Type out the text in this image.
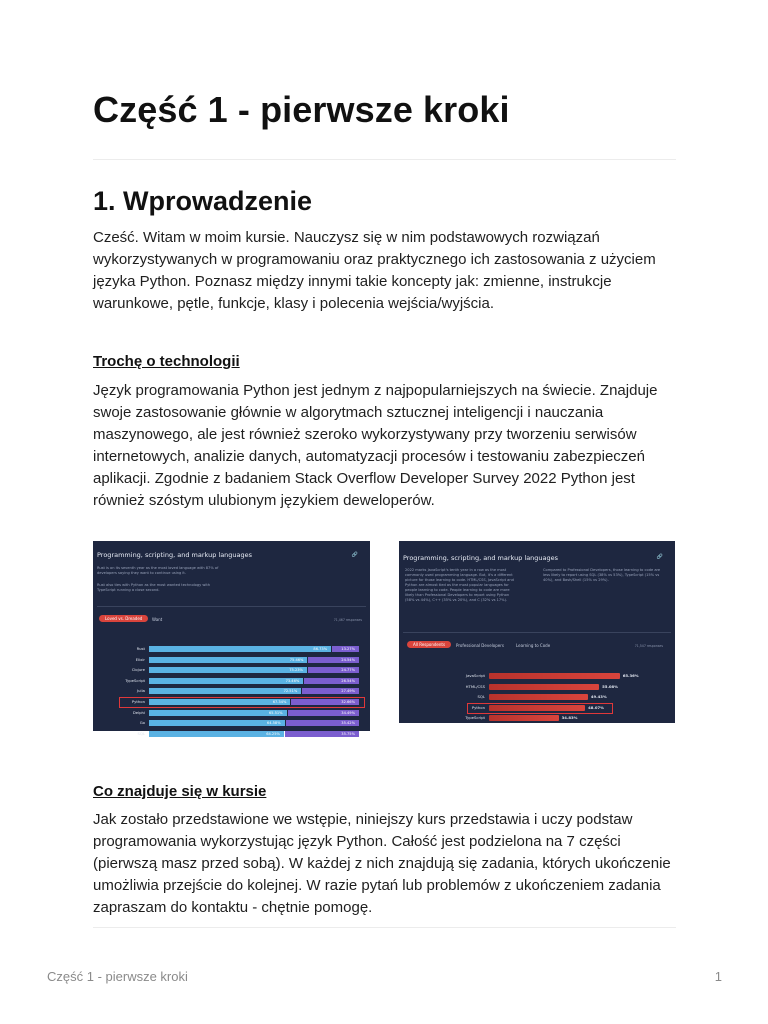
Część 1 - pierwsze kroki
1. Wprowadzenie

Cześć. Witam w moim kursie. Nauczysz się w nim podstawowych rozwiązań wykorzystywanych w programowaniu oraz praktycznego ich zastosowania z użyciem języka Python. Poznasz między innymi takie koncepty jak: zmienne, instrukcje warunkowe, pętle, funkcje, klasy i polecenia wejścia/wyjścia.

Trochę o technologii

Język programowania Python jest jednym z najpopularniejszych na świecie. Znajduje swoje zastosowanie głównie w algorytmach sztucznej inteligencji i nauczania maszynowego, ale jest również szeroko wykorzystywany przy tworzeniu serwisów internetowych, analizie danych, automatyzacji procesów i testowaniu zabezpieczeń aplikacji. Zgodnie z badaniem Stack Overflow Developer Survey 2022 Python jest również szóstym ulubionym językiem deweloperów.

Programming, scripting, and markup languages	🔗
Rust is on its seventh year as the most loved language with 87% of developers saying they want to continue using it.
Rust also ties with Python as the most wanted technology with TypeScript running a close second.
Loved vs. Dreaded	Want	71,467 responses
Rust	86.73%	13.27%
Elixir	75.46%	24.54%
Clojure	75.23%	24.77%
TypeScript	73.46%	26.54%
Julia	72.51%	27.49%
Python	67.34%	32.66%
Delphi	65.51%	34.49%
Go	64.58%	35.42%
SQL	64.25%	35.75%
Programming, scripting, and markup languages	🔗
2022 marks JavaScript's tenth year in a row as the most commonly used programming language. But, it's a different picture for those learning to code. HTML/CSS, JavaScript and Python are almost tied as the most popular languages for people learning to code. People learning to code are more likely than Professional Developers to report using Python (58% vs 44%), C++ (35% vs 20%), and C (32% vs 17%).
Compared to Professional Developers, those learning to code are less likely to report using SQL (38% vs 53%), TypeScript (15% vs 40%), and Bash/Shell (15% vs 29%).
All Respondents	Professional Developers	Learning to Code	71,547 responses
JavaScript	65.36%
HTML/CSS	55.08%
SQL	49.43%
Python	48.07%
TypeScript	34.83%
Co znajduje się w kursie

Jak zostało przedstawione we wstępie, niniejszy kurs przedstawia i uczy podstaw programowania wykorzystując język Python. Całość jest podzielona na 7 części (pierwszą masz przed sobą). W każdej z nich znajdują się zadania, których ukończenie umożliwia przejście do kolejnej. W razie pytań lub problemów z ukończeniem zadania zapraszam do kontaktu - chętnie pomogę.

Część 1 - pierwsze kroki	1
